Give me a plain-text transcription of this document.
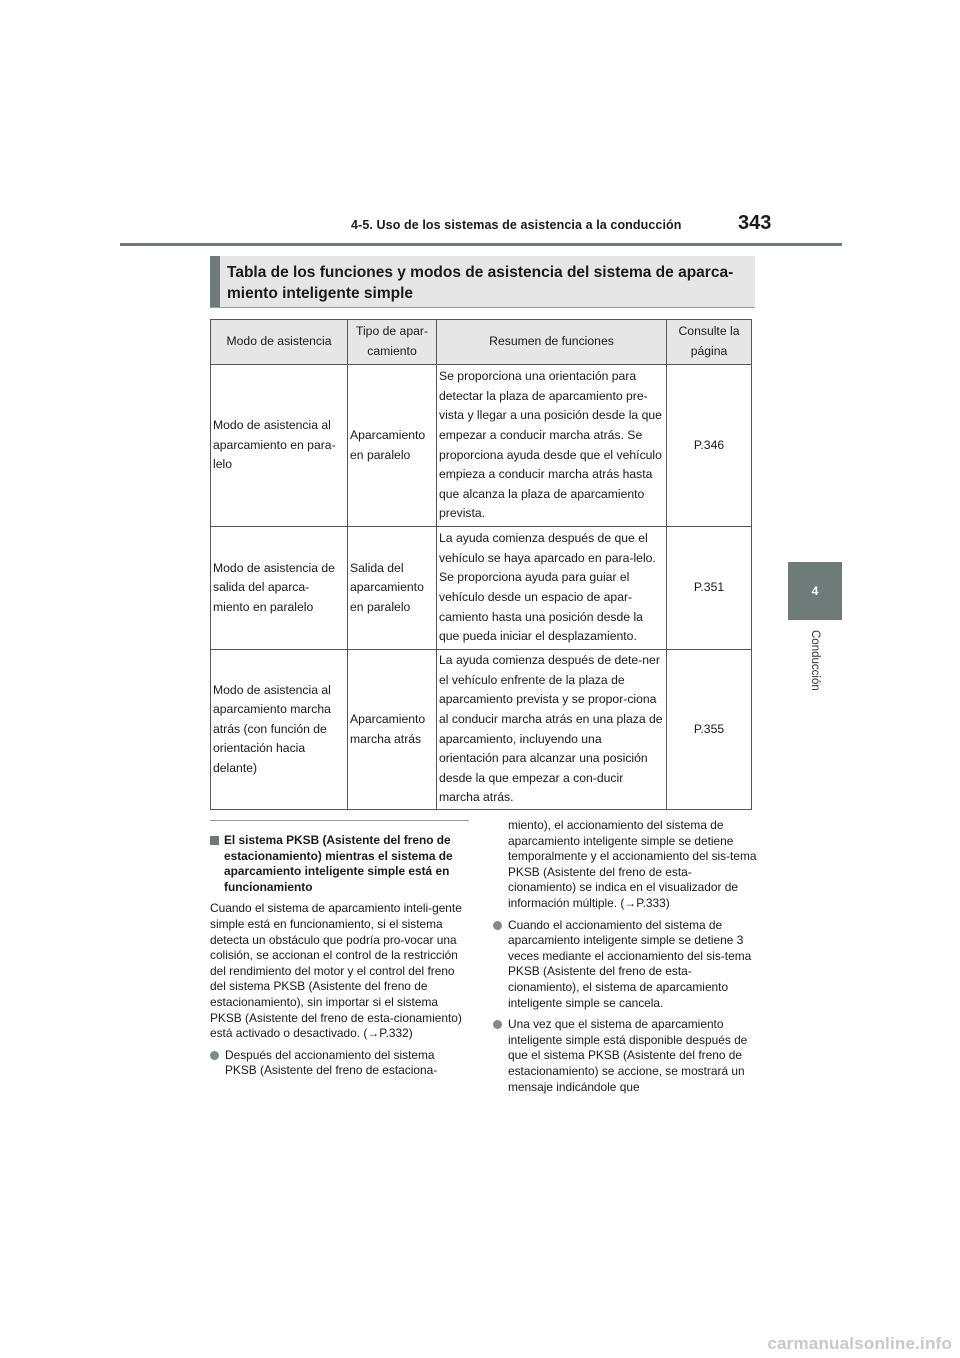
4-5. Uso de los sistemas de asistencia a la conducción	343
4
Conducción
Tabla de los funciones y modos de asistencia del sistema de aparca-miento inteligente simple
Modo de asistencia	Tipo de apar-camiento	Resumen de funciones	Consulte la página
Modo de asistencia al aparcamiento en para-lelo	Aparcamiento en paralelo	Se proporciona una orientación para detectar la plaza de aparcamiento pre-vista y llegar a una posición desde la que empezar a conducir marcha atrás. Se proporciona ayuda desde que el vehículo empieza a conducir marcha atrás hasta que alcanza la plaza de aparcamiento prevista.	P.346
Modo de asistencia de salida del aparca-miento en paralelo	Salida del aparcamiento en paralelo	La ayuda comienza después de que el vehículo se haya aparcado en para-lelo. Se proporciona ayuda para guiar el vehículo desde un espacio de apar-camiento hasta una posición desde la que pueda iniciar el desplazamiento.	P.351
Modo de asistencia al aparcamiento marcha atrás (con función de orientación hacia delante)	Aparcamiento marcha atrás	La ayuda comienza después de dete-ner el vehículo enfrente de la plaza de aparcamiento prevista y se propor-ciona al conducir marcha atrás en una plaza de aparcamiento, incluyendo una orientación para alcanzar una posición desde la que empezar a con-ducir marcha atrás.	P.355
El sistema PKSB (Asistente del freno de estacionamiento) mientras el sistema de aparcamiento inteligente simple está en funcionamiento

Cuando el sistema de aparcamiento inteli-gente simple está en funcionamiento, si el sistema detecta un obstáculo que podría pro-vocar una colisión, se accionan el control de la restricción del rendimiento del motor y el control del freno del sistema PKSB (Asistente del freno de estacionamiento), sin importar si el sistema PKSB (Asistente del freno de esta-cionamiento) está activado o desactivado. (→P.332)

Después del accionamiento del sistema PKSB (Asistente del freno de estaciona-
miento), el accionamiento del sistema de aparcamiento inteligente simple se detiene temporalmente y el accionamiento del sis-tema PKSB (Asistente del freno de esta-cionamiento) se indica en el visualizador de información múltiple. (→P.333)
Cuando el accionamiento del sistema de aparcamiento inteligente simple se detiene 3 veces mediante el accionamiento del sis-tema PKSB (Asistente del freno de esta-cionamiento), el sistema de aparcamiento inteligente simple se cancela.
Una vez que el sistema de aparcamiento inteligente simple está disponible después de que el sistema PKSB (Asistente del freno de estacionamiento) se accione, se mostrará un mensaje indicándole que
carmanualsonline.info
